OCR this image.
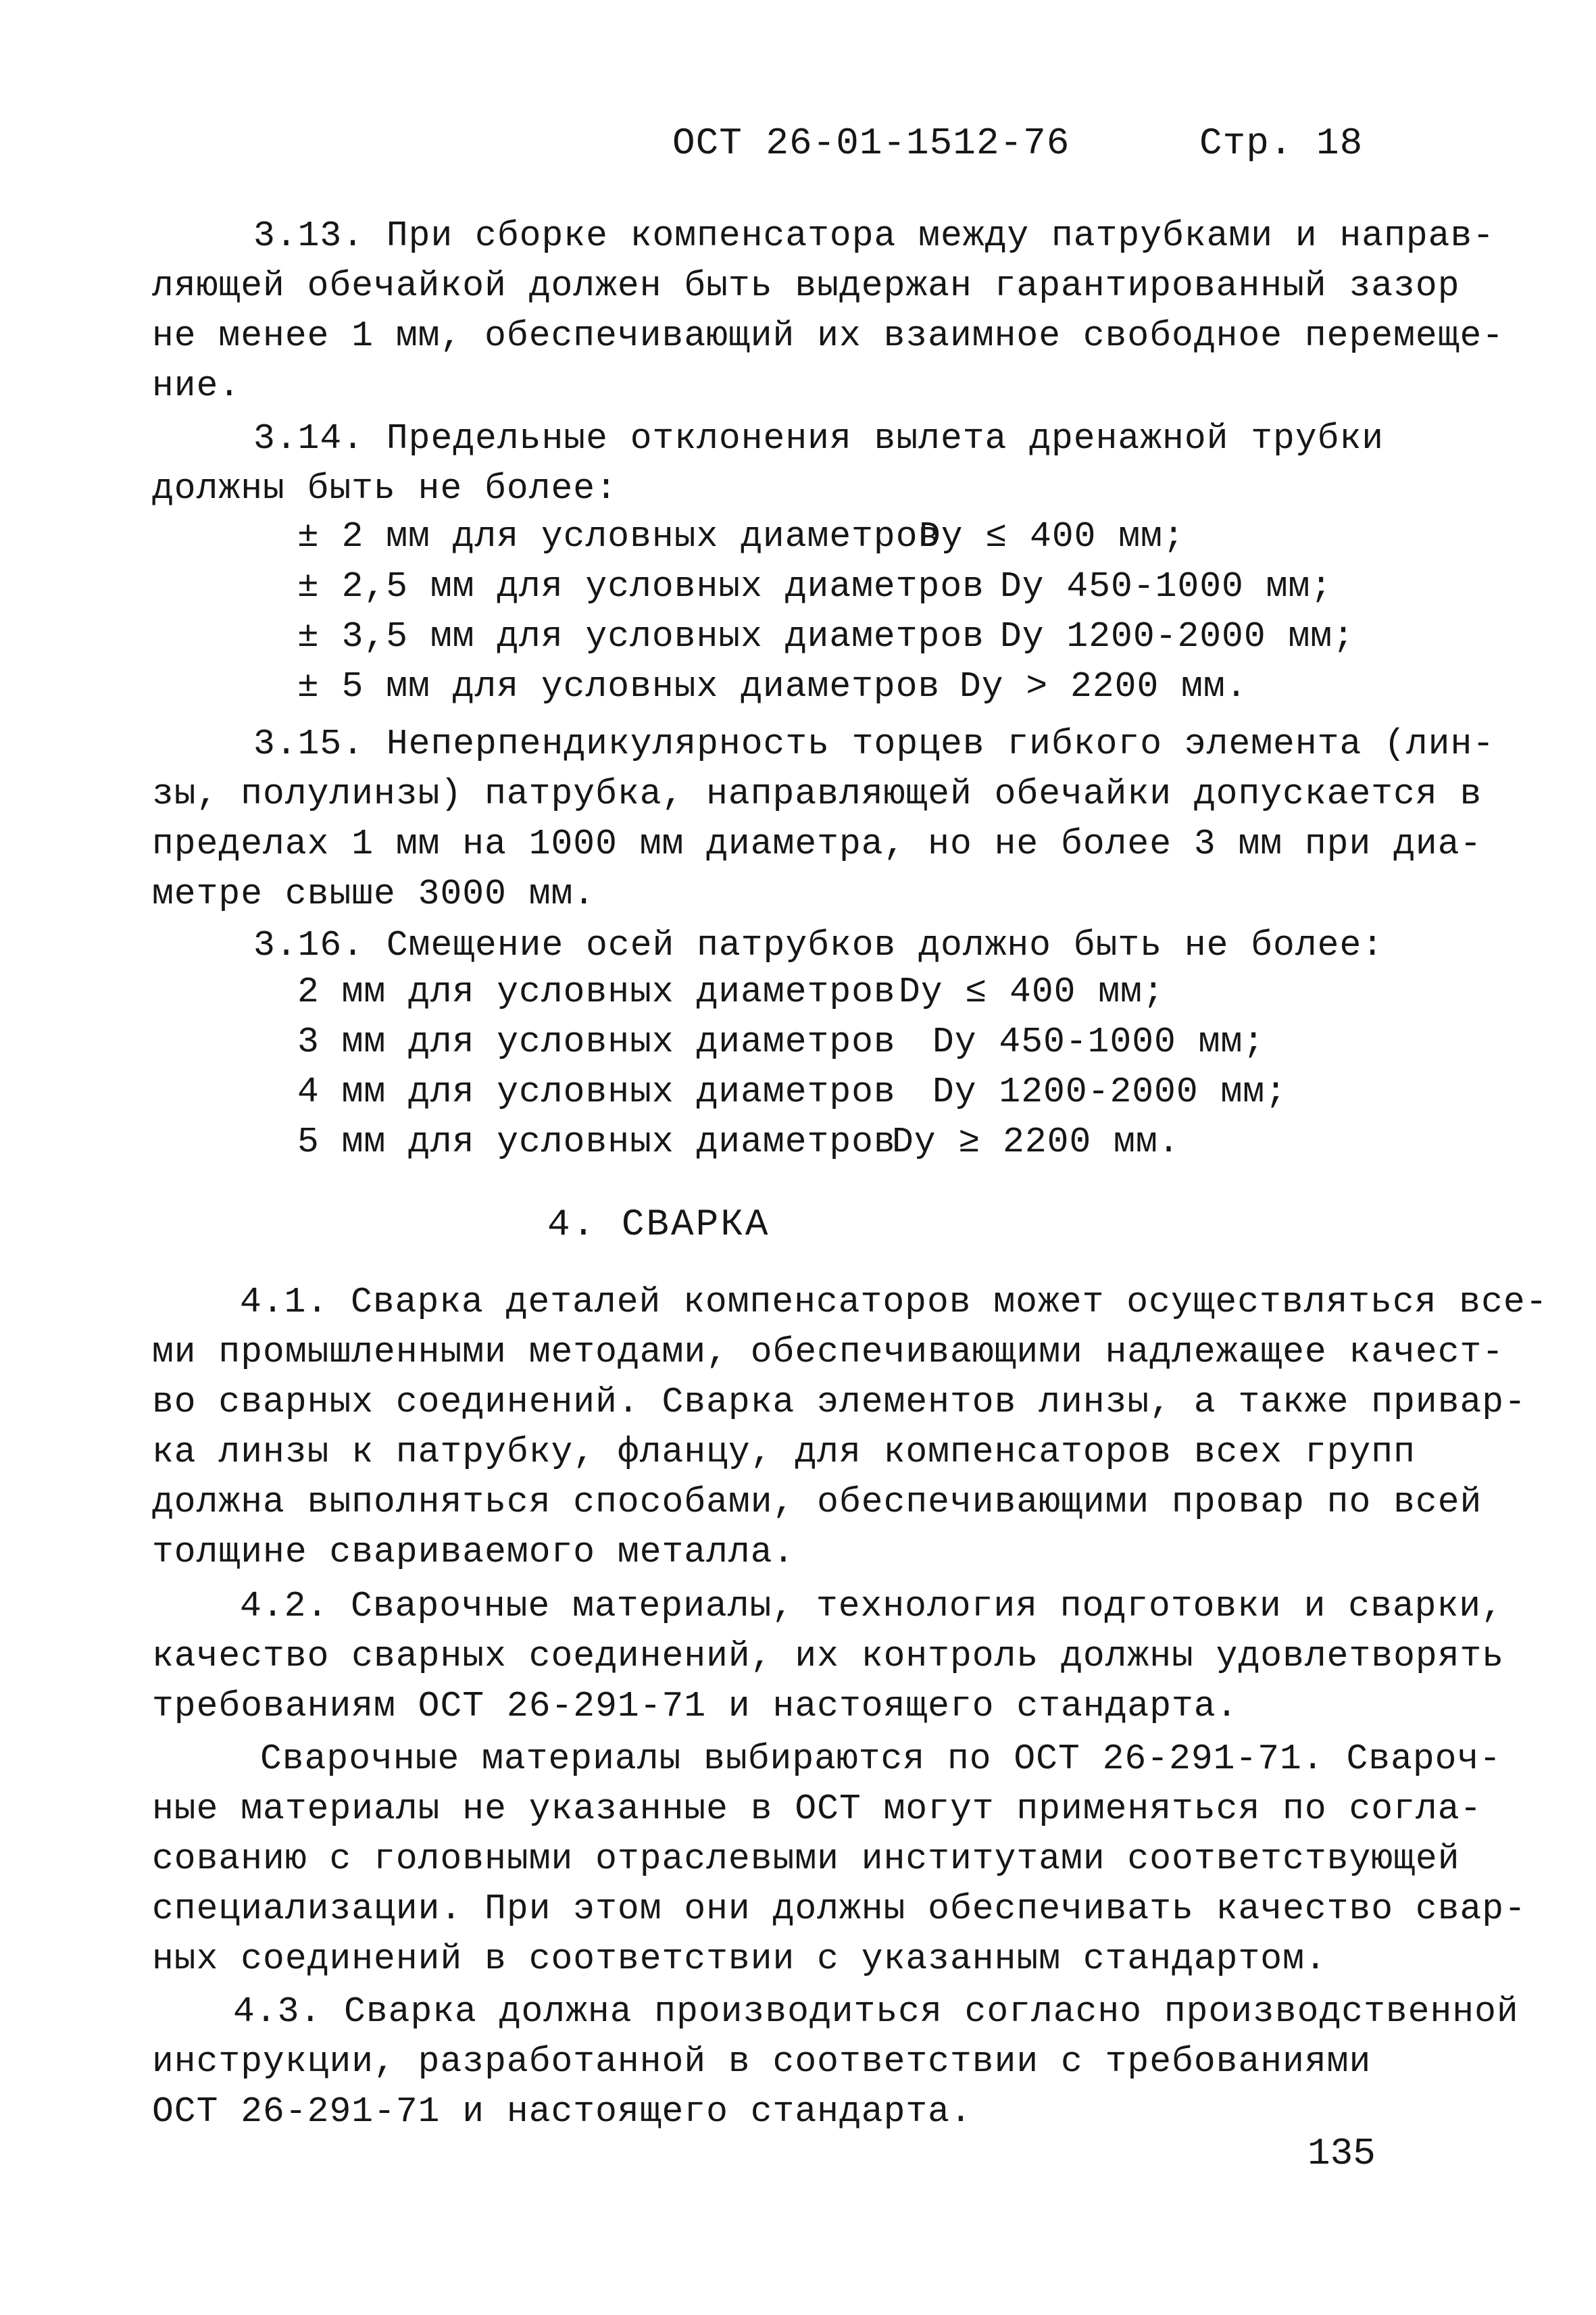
ОСТ 26-01-1512-76	Стр. 18
3.13. При сборке компенсатора между патрубками и направ-
ляющей обечайкой должен быть выдержан гарантированный зазор
не менее 1 мм, обеспечивающий их взаимное свободное перемеще-
ние.
3.14. Предельные отклонения вылета дренажной трубки
должны быть не более:
± 2 мм для условных диаметров
Dу ≤ 400 мм;
± 2,5 мм для условных диаметров Dу 450-1000 мм;
± 3,5 мм для условных диаметров Dу 1200-2000 мм;
± 5 мм для условных диаметров Dу > 2200 мм.
3.15. Неперпендикулярность торцев гибкого элемента (лин-
зы, полулинзы) патрубка, направляющей обечайки допускается в
пределах 1 мм на 1000 мм диаметра, но не более 3 мм при диа-
метре свыше 3000 мм.
3.16. Смещение осей патрубков должно быть не более:
2 мм для условных диаметров Dу ≤ 400 мм;
3 мм для условных диаметров Dу 450-1000 мм;
4 мм для условных диаметров Dу 1200-2000 мм;
5 мм для условных диаметров
Dу ≥ 2200 мм.
4. СВАРКА
4.1. Сварка деталей компенсаторов может осуществляться все-
ми промышленными методами, обеспечивающими надлежащее качест-
во сварных соединений. Сварка элементов линзы, а также привар-
ка линзы к патрубку, фланцу, для компенсаторов всех групп
должна выполняться способами, обеспечивающими провар по всей
толщине свариваемого металла.
4.2. Сварочные материалы, технология подготовки и сварки,
качество сварных соединений, их контроль должны удовлетворять
требованиям ОСТ 26-291-71 и настоящего стандарта.
Сварочные материалы выбираются по ОСТ 26-291-71. Свароч-
ные материалы не указанные в ОСТ могут применяться по согла-
сованию с головными отраслевыми институтами соответствующей
специализации. При этом они должны обеспечивать качество свар-
ных соединений в соответствии с указанным стандартом.
4.3. Сварка должна производиться согласно производственной
инструкции, разработанной в соответствии с требованиями
ОСТ 26-291-71 и настоящего стандарта.
135
